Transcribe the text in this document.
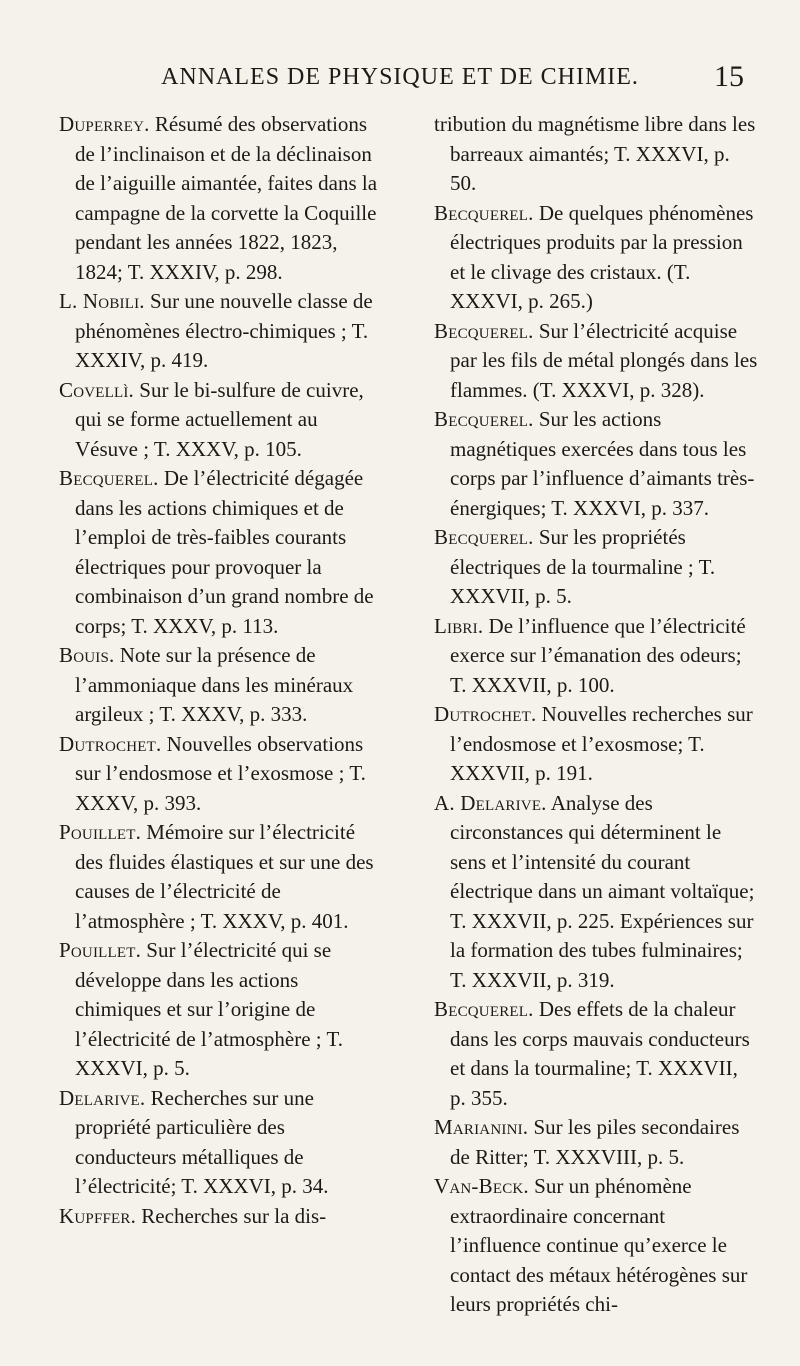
ANNALES DE PHYSIQUE ET DE CHIMIE.	15

Duperrey. Résumé des observations de l’inclinaison et de la déclinaison de l’aiguille aimantée, faites dans la campagne de la corvette la Coquille pendant les années 1822, 1823, 1824; T. XXXIV, p. 298.

L. Nobili. Sur une nouvelle classe de phénomènes électro-chimiques ; T. XXXIV, p. 419.

Covellì. Sur le bi-sulfure de cuivre, qui se forme actuellement au Vésuve ; T. XXXV, p. 105.

Becquerel. De l’électricité dégagée dans les actions chimiques et de l’emploi de très-faibles courants électriques pour provoquer la combinaison d’un grand nombre de corps; T. XXXV, p. 113.

Bouis. Note sur la présence de l’ammoniaque dans les minéraux argileux ; T. XXXV, p. 333.

Dutrochet. Nouvelles observations sur l’endosmose et l’exosmose ; T. XXXV, p. 393.

Pouillet. Mémoire sur l’électricité des fluides élastiques et sur une des causes de l’électricité de l’atmosphère ; T. XXXV, p. 401.

Pouillet. Sur l’électricité qui se développe dans les actions chimiques et sur l’origine de l’électricité de l’atmosphère ; T. XXXVI, p. 5.

Delarive. Recherches sur une propriété particulière des conducteurs métalliques de l’électricité; T. XXXVI, p. 34.

Kupffer. Recherches sur la dis-

tribution du magnétisme libre dans les barreaux aimantés; T. XXXVI, p. 50.

Becquerel. De quelques phénomènes électriques produits par la pression et le clivage des cristaux. (T. XXXVI, p. 265.)

Becquerel. Sur l’électricité acquise par les fils de métal plongés dans les flammes. (T. XXXVI, p. 328).

Becquerel. Sur les actions magnétiques exercées dans tous les corps par l’influence d’aimants très-énergiques; T. XXXVI, p. 337.

Becquerel. Sur les propriétés électriques de la tourmaline ; T. XXXVII, p. 5.

Libri. De l’influence que l’électricité exerce sur l’émanation des odeurs; T. XXXVII, p. 100.

Dutrochet. Nouvelles recherches sur l’endosmose et l’exosmose; T. XXXVII, p. 191.

A. Delarive. Analyse des circonstances qui déterminent le sens et l’intensité du courant électrique dans un aimant voltaïque; T. XXXVII, p. 225. Expériences sur la formation des tubes fulminaires; T. XXXVII, p. 319.

Becquerel. Des effets de la chaleur dans les corps mauvais conducteurs et dans la tourmaline; T. XXXVII, p. 355.

Marianini. Sur les piles secondaires de Ritter; T. XXXVIII, p. 5.

Van-Beck. Sur un phénomène extraordinaire concernant l’influence continue qu’exerce le contact des métaux hétérogènes sur leurs propriétés chi-
